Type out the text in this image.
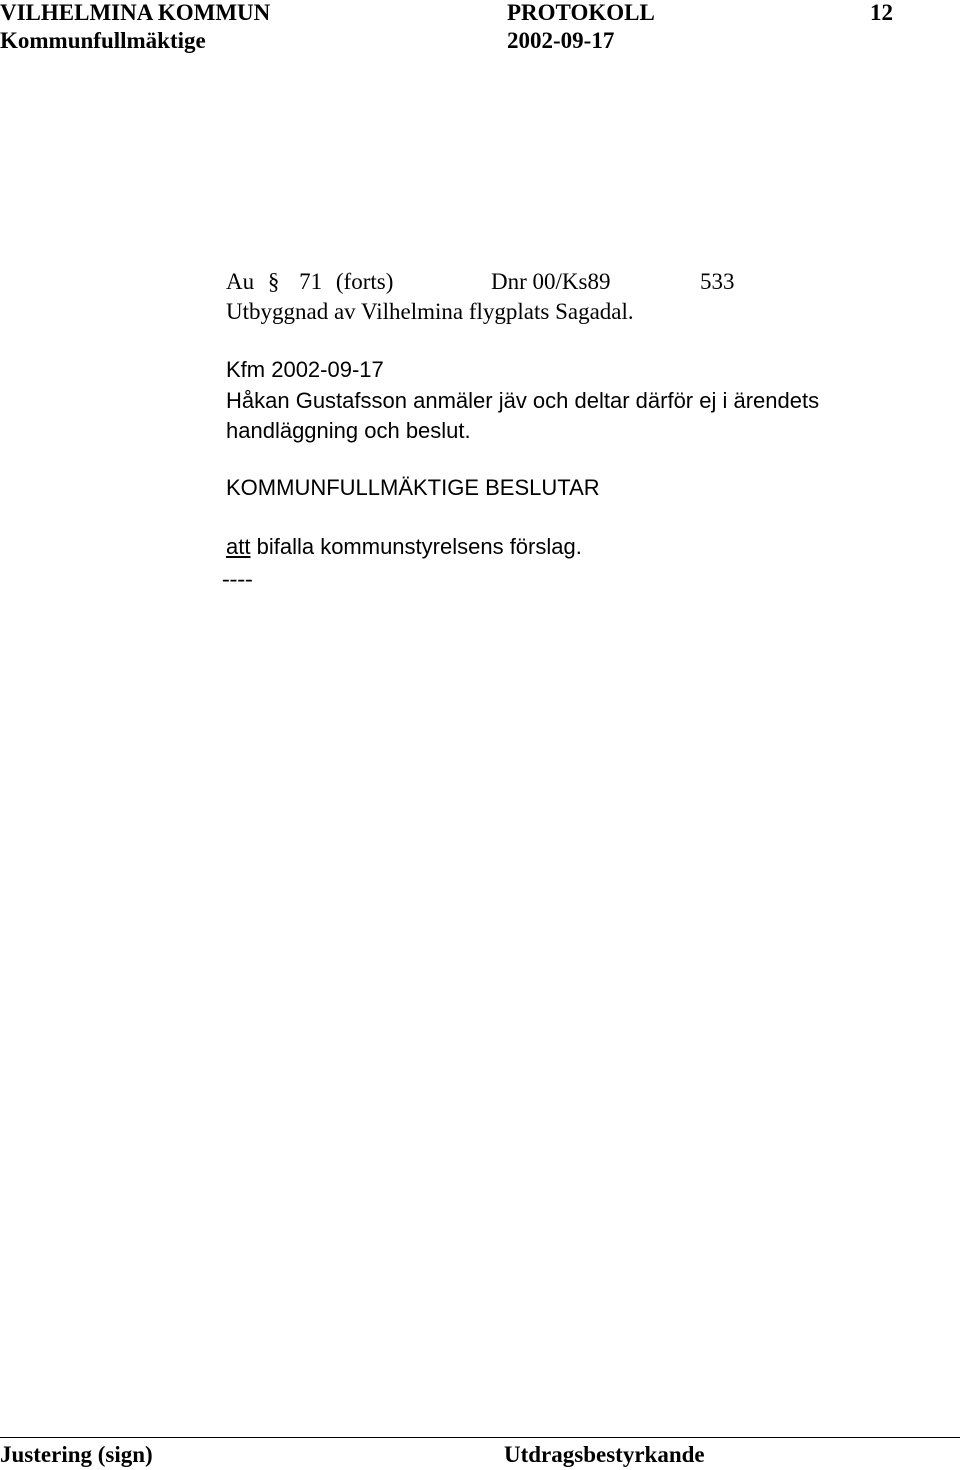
VILHELMINA KOMMUN	PROTOKOLL	12
Kommunfullmäktige	2002-09-17
Au § 71 (forts)	Dnr 00/Ks89	533
Utbyggnad av Vilhelmina flygplats Sagadal.
Kfm 2002-09-17
Håkan Gustafsson anmäler jäv och deltar därför ej i ärendets
handläggning och beslut.
KOMMUNFULLMÄKTIGE BESLUTAR
att bifalla kommunstyrelsens förslag.
----
Justering (sign)	Utdragsbestyrkande
